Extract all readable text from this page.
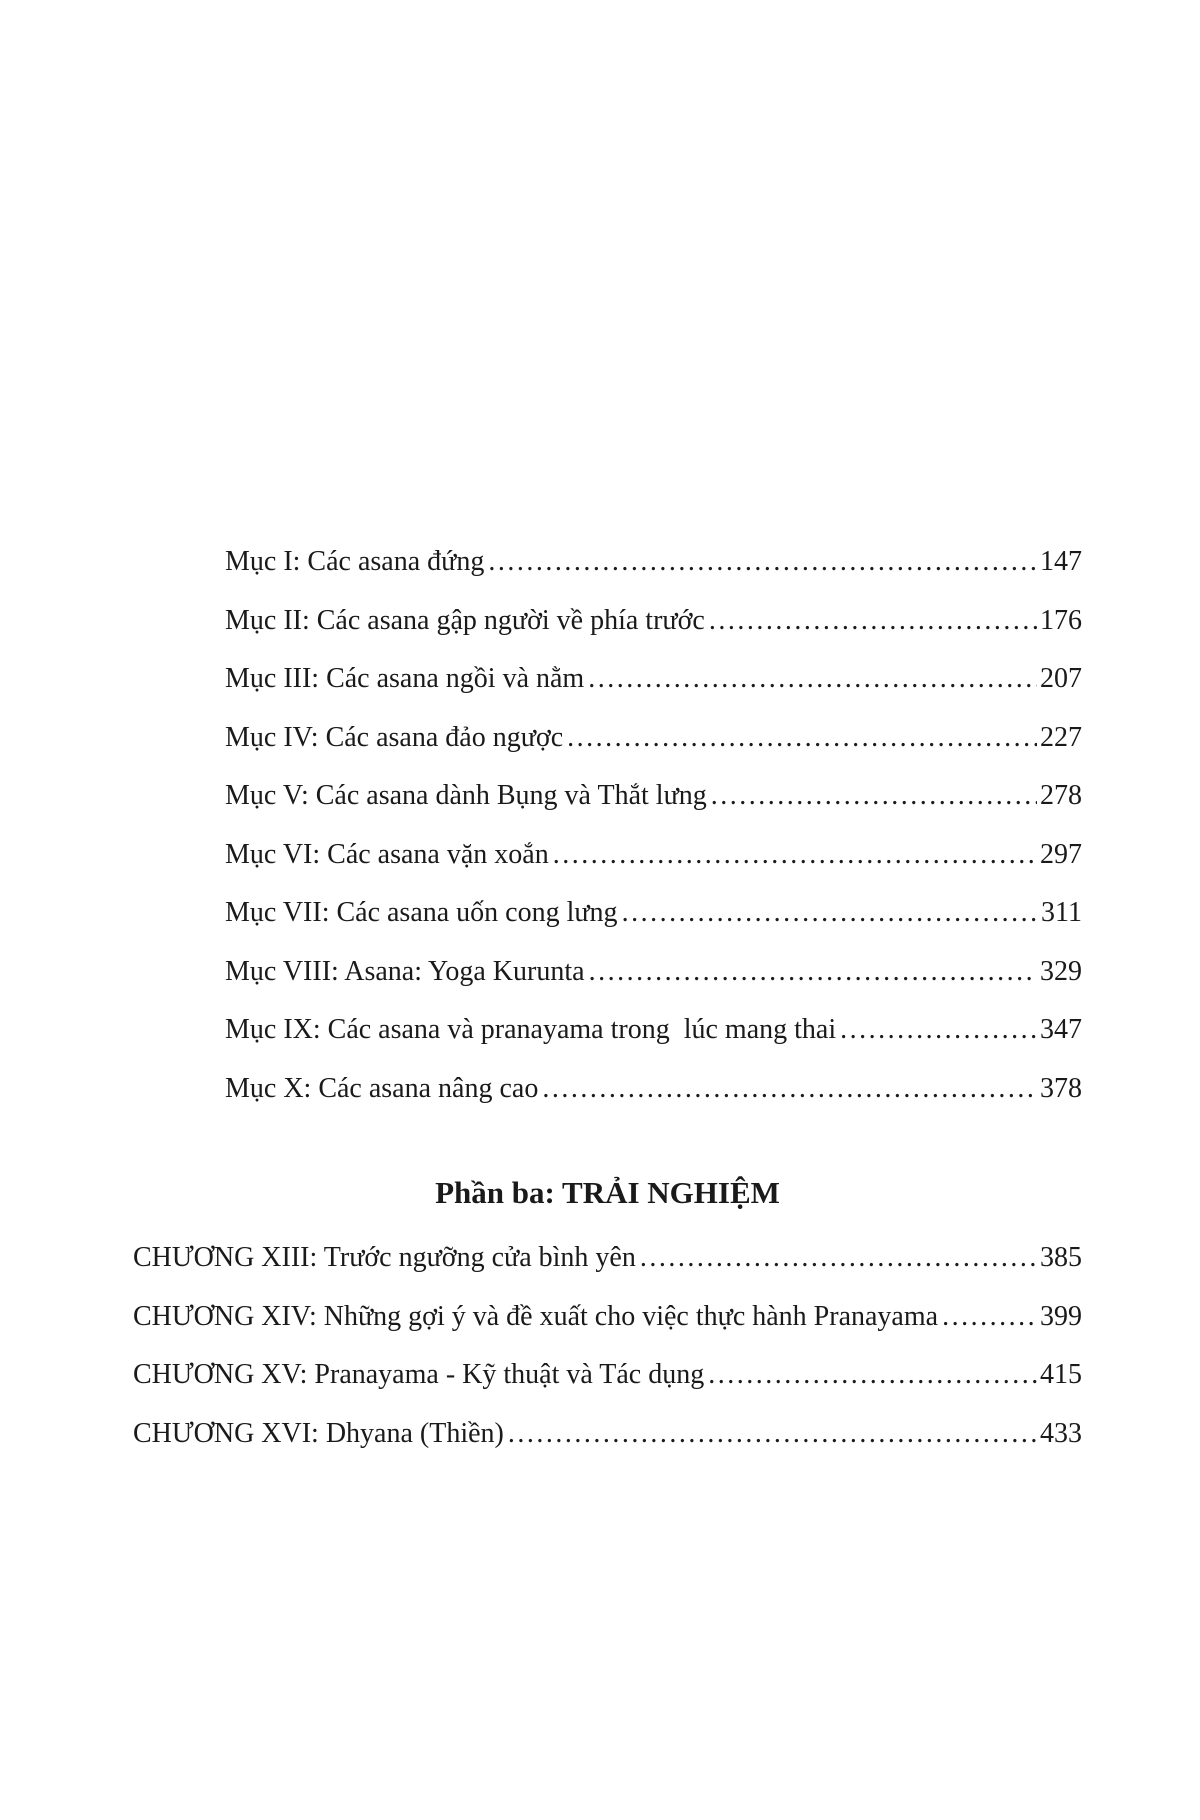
Mục I: Các asana đứng .....	147
Mục II: Các asana gập người về phía trước .....	176
Mục III: Các asana ngồi và nằm .....	207
Mục IV: Các asana đảo ngược .....	227
Mục V: Các asana dành Bụng và Thắt lưng .....	278
Mục VI: Các asana vặn xoắn .....	297
Mục VII: Các asana uốn cong lưng .....	311
Mục VIII: Asana: Yoga Kurunta .....	329
Mục IX: Các asana và pranayama trong  lúc mang thai .....	347
Mục X: Các asana nâng cao .....	378
Phần ba: TRẢI NGHIỆM
CHƯƠNG XIII: Trước ngưỡng cửa bình yên .....	385
CHƯƠNG XIV: Những gợi ý và đề xuất cho việc thực hành Pranayama .....	399
CHƯƠNG XV: Pranayama - Kỹ thuật và Tác dụng .....	415
CHƯƠNG XVI: Dhyana (Thiền) .....	433
